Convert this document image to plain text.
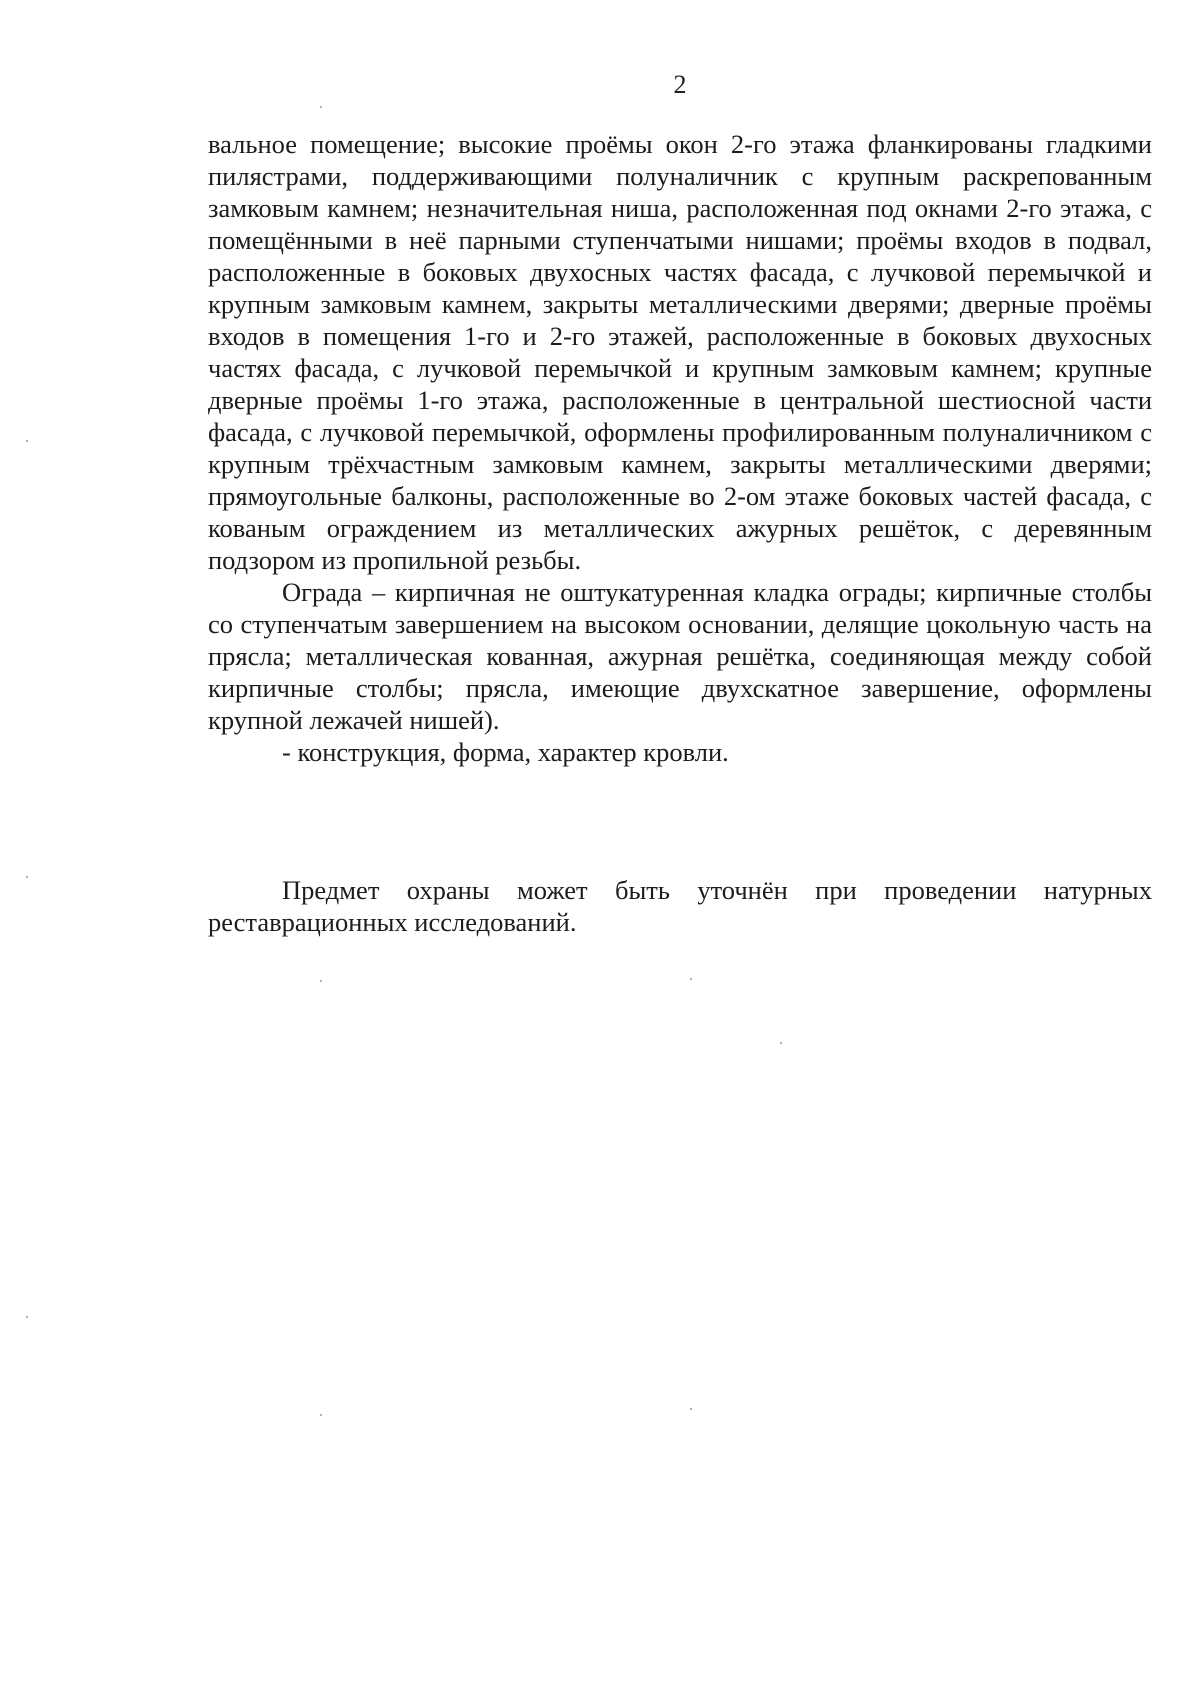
2

вальное помещение; высокие проёмы окон 2-го этажа фланкированы гладкими пилястрами, поддерживающими полуналичник с крупным раскрепованным замковым камнем; незначительная ниша, расположенная под окнами 2-го этажа, с помещёнными в неё парными ступенчатыми нишами; проёмы входов в подвал, расположенные в боковых двухосных частях фасада, с лучковой перемычкой и крупным замковым камнем, закрыты металлическими дверями; дверные проёмы входов в помещения 1-го и 2-го этажей, расположенные в боковых двухосных частях фасада, с лучковой перемычкой и крупным замковым камнем; крупные дверные проёмы 1-го этажа, расположенные в центральной шестиосной части фасада, с лучковой перемычкой, оформлены профилированным полуналичником с крупным трёхчастным замковым камнем, закрыты металлическими дверями; прямоугольные балконы, расположенные во 2-ом этаже боковых частей фасада, с кованым ограждением из металлических ажурных решёток, с деревянным подзором из пропильной резьбы.

Ограда – кирпичная не оштукатуренная кладка ограды; кирпичные столбы со ступенчатым завершением на высоком основании, делящие цокольную часть на прясла; металлическая кованная, ажурная решётка, соединяющая между собой кирпичные столбы; прясла, имеющие двухскатное завершение, оформлены крупной лежачей нишей).

- конструкция, форма, характер кровли.

Предмет охраны может быть уточнён при проведении натурных реставрационных исследований.
